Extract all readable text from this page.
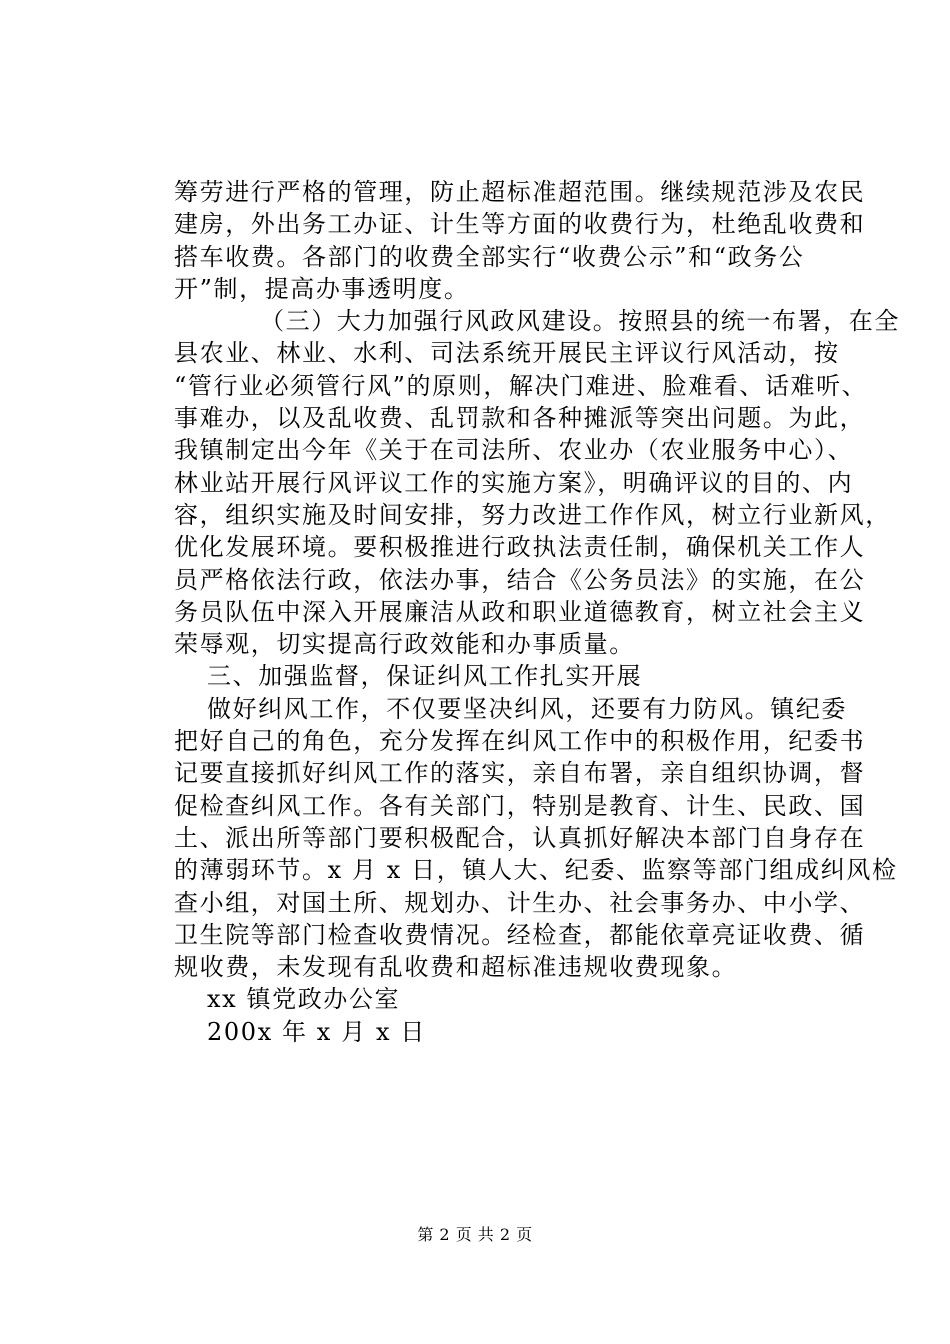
筹劳进行严格的管理，防止超标准超范围。继续规范涉及农民
建房，外出务工办证、计生等方面的收费行为，杜绝乱收费和
搭车收费。各部门的收费全部实行“收费公示”和“政务公
开”制，提高办事透明度。
（三）大力加强行风政风建设。按照县的统一布署，在全
县农业、林业、水利、司法系统开展民主评议行风活动，按
“管行业必须管行风”的原则，解决门难进、脸难看、话难听、
事难办，以及乱收费、乱罚款和各种摊派等突出问题。为此，
我镇制定出今年《关于在司法所、农业办（农业服务中心）、
林业站开展行风评议工作的实施方案》，明确评议的目的、内
容，组织实施及时间安排，努力改进工作作风，树立行业新风，
优化发展环境。要积极推进行政执法责任制，确保机关工作人
员严格依法行政，依法办事，结合《公务员法》的实施，在公
务员队伍中深入开展廉洁从政和职业道德教育，树立社会主义
荣辱观，切实提高行政效能和办事质量。
三、加强监督，保证纠风工作扎实开展
做好纠风工作，不仅要坚决纠风，还要有力防风。镇纪委
把好自己的角色，充分发挥在纠风工作中的积极作用，纪委书
记要直接抓好纠风工作的落实，亲自布署，亲自组织协调，督
促检查纠风工作。各有关部门，特别是教育、计生、民政、国
土、派出所等部门要积极配合，认真抓好解决本部门自身存在
的薄弱环节。x 月 x 日，镇人大、纪委、监察等部门组成纠风检
查小组，对国土所、规划办、计生办、社会事务办、中小学、
卫生院等部门检查收费情况。经检查，都能依章亮证收费、循
规收费，未发现有乱收费和超标准违规收费现象。
xx 镇党政办公室
200x 年 x 月 x 日
第 2 页 共 2 页
